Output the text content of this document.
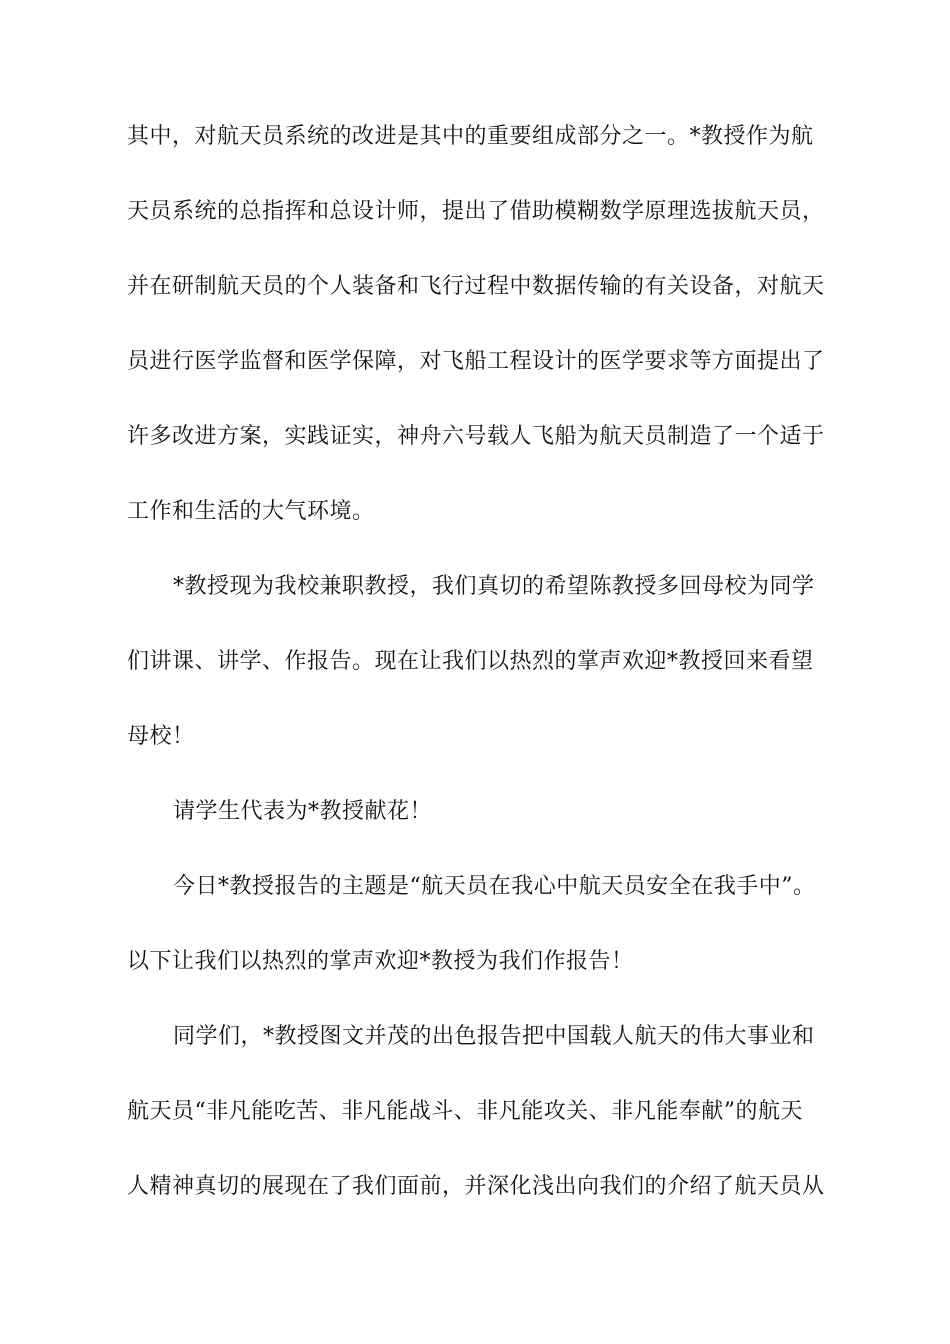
其中，对航天员系统的改进是其中的重要组成部分之一。*教授作为航
天员系统的总指挥和总设计师，提出了借助模糊数学原理选拔航天员，
并在研制航天员的个人装备和飞行过程中数据传输的有关设备，对航天
员进行医学监督和医学保障，对飞船工程设计的医学要求等方面提出了
许多改进方案，实践证实，神舟六号载人飞船为航天员制造了一个适于
工作和生活的大气环境。
*教授现为我校兼职教授，我们真切的希望陈教授多回母校为同学
们讲课、讲学、作报告。现在让我们以热烈的掌声欢迎*教授回来看望
母校！
请学生代表为*教授献花！
今日*教授报告的主题是“航天员在我心中航天员安全在我手中”。
以下让我们以热烈的掌声欢迎*教授为我们作报告！
同学们，*教授图文并茂的出色报告把中国载人航天的伟大事业和
航天员“非凡能吃苦、非凡能战斗、非凡能攻关、非凡能奉献”的航天
人精神真切的展现在了我们面前，并深化浅出向我们的介绍了航天员从
